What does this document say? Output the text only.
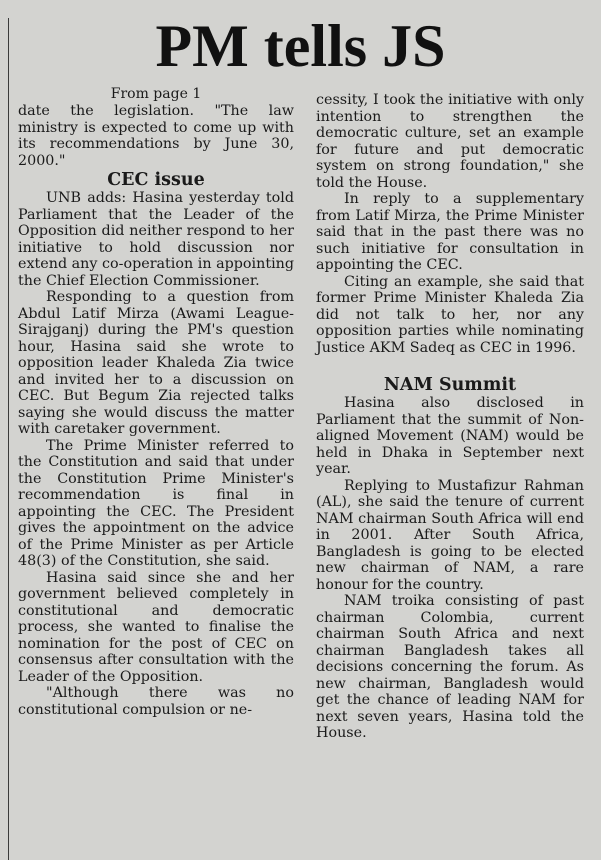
PM tells JS
From page 1

date the legislation. "The law ministry is expected to come up with its recommendations by June 30, 2000."

CEC issue

UNB adds: Hasina yesterday told Parliament that the Leader of the Opposition did neither respond to her initiative to hold discussion nor extend any co-operation in appointing the Chief Election Commissioner.

Responding to a question from Abdul Latif Mirza (Awami League-Sirajganj) during the PM's question hour, Hasina said she wrote to opposition leader Khaleda Zia twice and invited her to a discussion on CEC. But Begum Zia rejected talks saying she would discuss the matter with caretaker government.

The Prime Minister referred to the Constitution and said that under the Constitution Prime Minister's recommendation is final in appointing the CEC. The President gives the appointment on the advice of the Prime Minister as per Article 48(3) of the Constitution, she said.

Hasina said since she and her government believed completely in constitutional and democratic process, she wanted to finalise the nomination for the post of CEC on consensus after consultation with the Leader of the Opposition.

"Although there was no constitutional compulsion or ne-

cessity, I took the initiative with only intention to strengthen the democratic culture, set an example for future and put democratic system on strong foundation," she told the House.

In reply to a supplementary from Latif Mirza, the Prime Minister said that in the past there was no such initiative for consultation in appointing the CEC.

Citing an example, she said that former Prime Minister Khaleda Zia did not talk to her, nor any opposition parties while nominating Justice AKM Sadeq as CEC in 1996.

NAM Summit

Hasina also disclosed in Parliament that the summit of Non-aligned Movement (NAM) would be held in Dhaka in September next year.

Replying to Mustafizur Rahman (AL), she said the tenure of current NAM chairman South Africa will end in 2001. After South Africa, Bangladesh is going to be elected new chairman of NAM, a rare honour for the country.

NAM troika consisting of past chairman Colombia, current chairman South Africa and next chairman Bangladesh takes all decisions concerning the forum. As new chairman, Bangladesh would get the chance of leading NAM for next seven years, Hasina told the House.
